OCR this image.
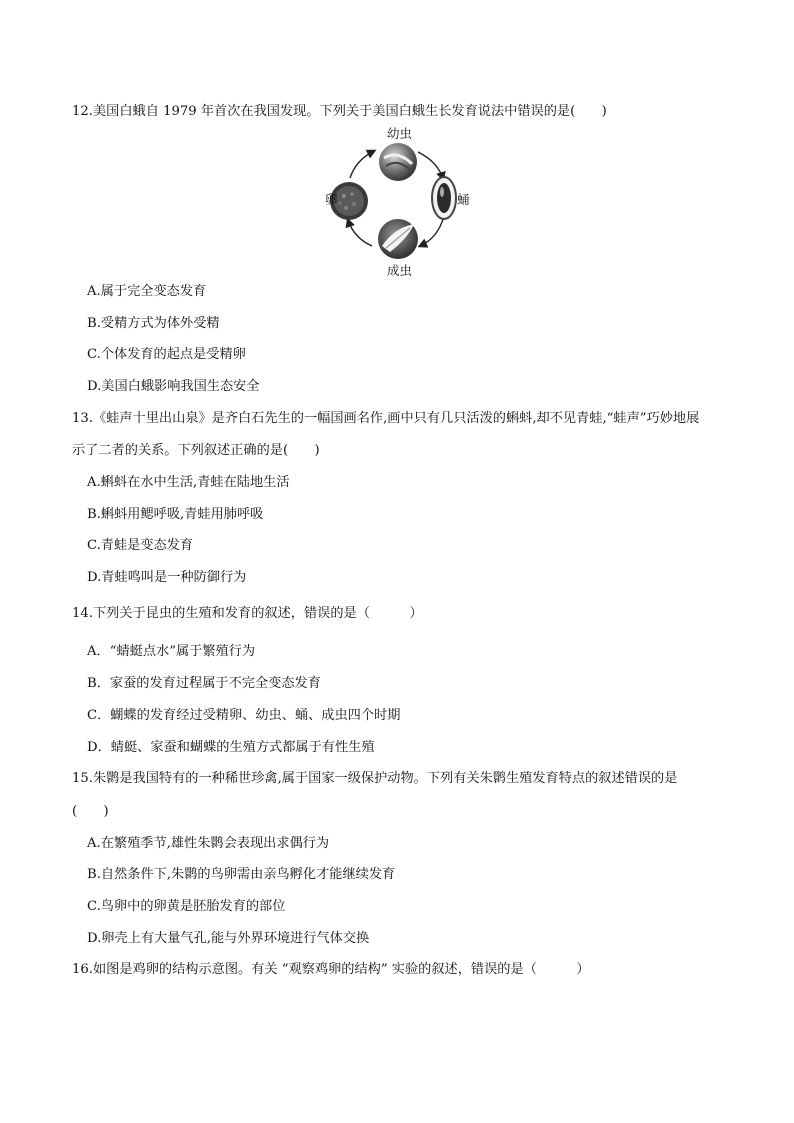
12.美国白蛾自 1979 年首次在我国发现。下列关于美国白蛾生长发育说法中错误的是(　　)
幼虫
蛹
成虫
卵
A.属于完全变态发育
B.受精方式为体外受精
C.个体发育的起点是受精卵
D.美国白蛾影响我国生态安全
13.《蛙声十里出山泉》是齐白石先生的一幅国画名作,画中只有几只活泼的蝌蚪,却不见青蛙,“蛙声”巧妙地展
示了二者的关系。下列叙述正确的是(　　)
A.蝌蚪在水中生活,青蛙在陆地生活
B.蝌蚪用鳃呼吸,青蛙用肺呼吸
C.青蛙是变态发育
D.青蛙鸣叫是一种防御行为
14.下列关于昆虫的生殖和发育的叙述，错误的是（　　　）
A．“蜻蜓点水”属于繁殖行为
B．家蚕的发育过程属于不完全变态发育
C．蝴蝶的发育经过受精卵、幼虫、蛹、成虫四个时期
D．蜻蜓、家蚕和蝴蝶的生殖方式都属于有性生殖
15.朱鹮是我国特有的一种稀世珍禽,属于国家一级保护动物。下列有关朱鹮生殖发育特点的叙述错误的是
(　　)
A.在繁殖季节,雄性朱鹮会表现出求偶行为
B.自然条件下,朱鹮的鸟卵需由亲鸟孵化才能继续发育
C.鸟卵中的卵黄是胚胎发育的部位
D.卵壳上有大量气孔,能与外界环境进行气体交换
16.如图是鸡卵的结构示意图。有关 “观察鸡卵的结构” 实验的叙述，错误的是（　　　）
